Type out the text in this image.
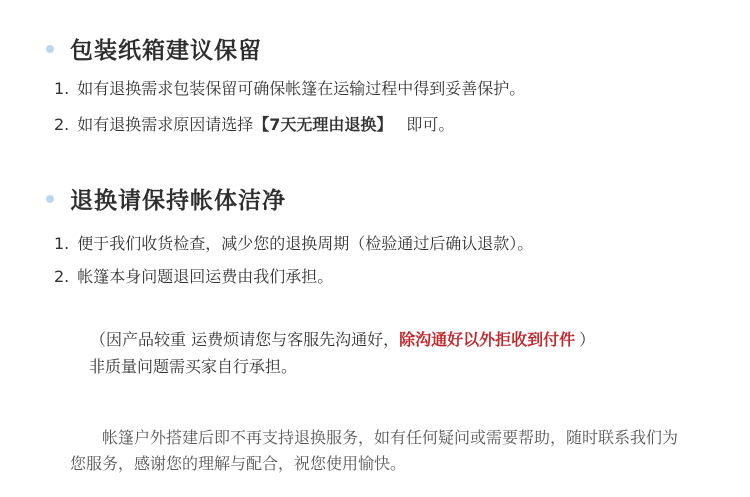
包装纸箱建议保留
1. 如有退换需求包装保留可确保帐篷在运输过程中得到妥善保护。
2. 如有退换需求原因请选择【7天无理由退换】 即可。
退换请保持帐体洁净
1. 便于我们收货检查，减少您的退换周期（检验通过后确认退款）。
2. 帐篷本身问题退回运费由我们承担。
（因产品较重 运费烦请您与客服先沟通好，除沟通好以外拒收到付件 ）
非质量问题需买家自行承担。
帐篷户外搭建后即不再支持退换服务，如有任何疑问或需要帮助，随时联系我们为您服务，感谢您的理解与配合，祝您使用愉快。
